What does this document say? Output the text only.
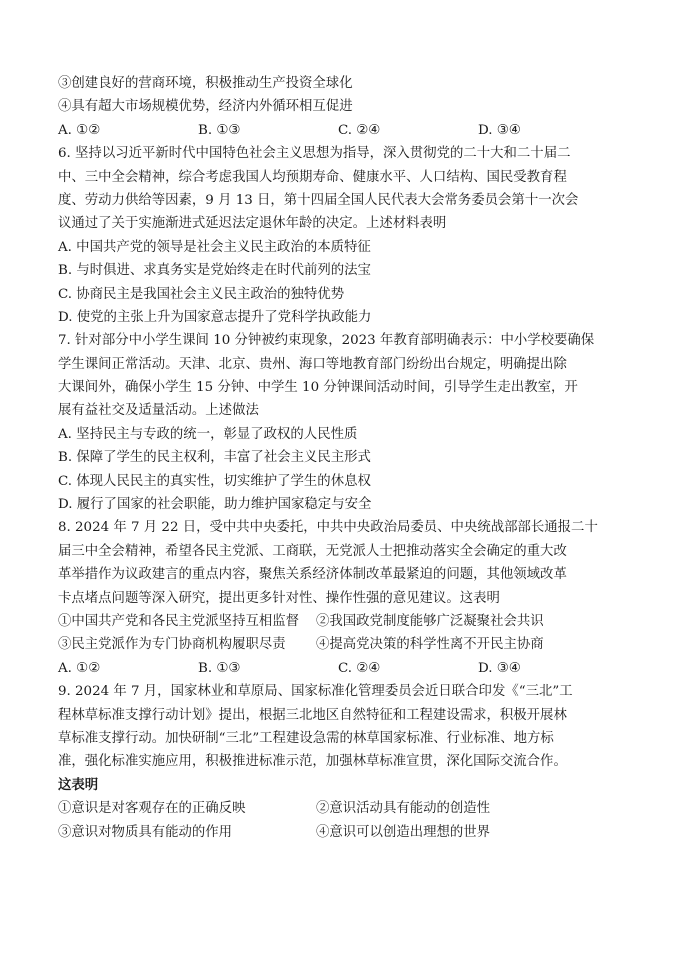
③创建良好的营商环境，积极推动生产投资全球化
④具有超大市场规模优势，经济内外循环相互促进
A. ①②	B. ①③	C. ②④	D. ③④
6. 坚持以习近平新时代中国特色社会主义思想为指导，深入贯彻党的二十大和二十届二
中、三中全会精神，综合考虑我国人均预期寿命、健康水平、人口结构、国民受教育程
度、劳动力供给等因素，9 月 13 日，第十四届全国人民代表大会常务委员会第十一次会
议通过了关于实施渐进式延迟法定退休年龄的决定。上述材料表明
A. 中国共产党的领导是社会主义民主政治的本质特征
B. 与时俱进、求真务实是党始终走在时代前列的法宝
C. 协商民主是我国社会主义民主政治的独特优势
D. 使党的主张上升为国家意志提升了党科学执政能力
7. 针对部分中小学生课间 10 分钟被约束现象，2023 年教育部明确表示：中小学校要确保
学生课间正常活动。天津、北京、贵州、海口等地教育部门纷纷出台规定，明确提出除
大课间外，确保小学生 15 分钟、中学生 10 分钟课间活动时间，引导学生走出教室，开
展有益社交及适量活动。上述做法
A. 坚持民主与专政的统一，彰显了政权的人民性质
B. 保障了学生的民主权利，丰富了社会主义民主形式
C. 体现人民民主的真实性，切实维护了学生的休息权
D. 履行了国家的社会职能，助力维护国家稳定与安全
8. 2024 年 7 月 22 日，受中共中央委托，中共中央政治局委员、中央统战部部长通报二十
届三中全会精神，希望各民主党派、工商联，无党派人士把推动落实全会确定的重大改
革举措作为议政建言的重点内容，聚焦关系经济体制改革最紧迫的问题，其他领域改革
卡点堵点问题等深入研究，提出更多针对性、操作性强的意见建议。这表明
①中国共产党和各民主党派坚持互相监督	②我国政党制度能够广泛凝聚社会共识
③民主党派作为专门协商机构履职尽责	④提高党决策的科学性离不开民主协商
A. ①②	B. ①③	C. ②④	D. ③④
9. 2024 年 7 月，国家林业和草原局、国家标准化管理委员会近日联合印发《“三北”工
程林草标准支撑行动计划》提出，根据三北地区自然特征和工程建设需求，积极开展林
草标准支撑行动。加快研制“三北”工程建设急需的林草国家标准、行业标准、地方标
准，强化标准实施应用，积极推进标准示范，加强林草标准宣贯，深化国际交流合作。
这表明
①意识是对客观存在的正确反映	②意识活动具有能动的创造性
③意识对物质具有能动的作用	④意识可以创造出理想的世界
